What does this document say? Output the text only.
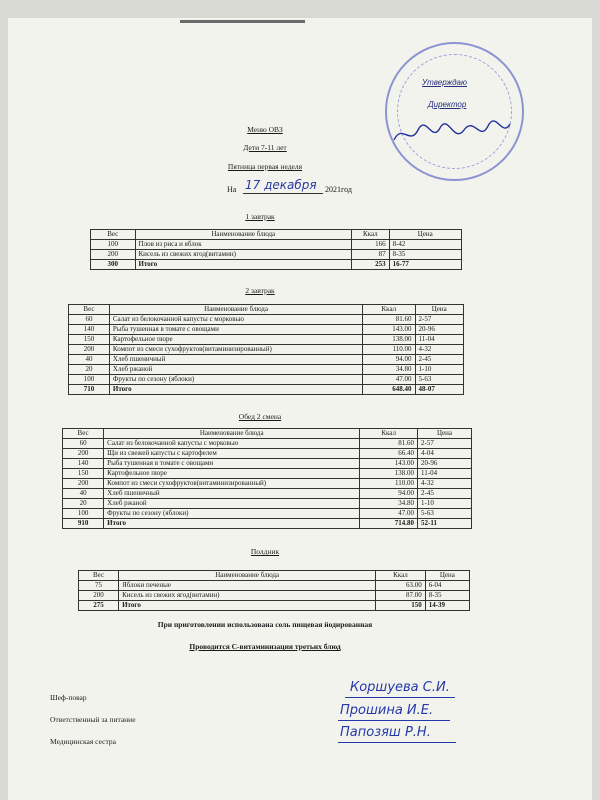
Утверждаю
Директор
Меню ОВЗ
Дети 7-11 лет
Пятница первая неделя
На 17 декабря 2021год
1 завтрак
Вес	Наименование блюда	Ккал	Цена
100	Плов из риса и яблок	166	8-42
200	Кисель из свежих ягод(витамин)	87	8-35
300	Итого	253	16-77
2 завтрак
Вес	Наименование блюда	Ккал	Цена
60	Салат из белокочанной капусты с морковью	81.60	2-57
140	Рыба тушенная в томате с овощами	143.00	20-96
150	Картофельное пюре	138.00	11-04
200	Компот из смеси сухофруктов(витаминизированный)	110.00	4-32
40	Хлеб пшеничный	94.00	2-45
20	Хлеб ржаной	34.80	1-10
100	Фрукты по сезону (яблоки)	47.00	5-63
710	Итого	648.40	48-07
Обед 2 смена
Вес	Наименование блюда	Ккал	Цена
60	Салат из белокочанной капусты с морковью	81.60	2-57
200	Щи из свежей капусты с картофелем	66.40	4-04
140	Рыба тушенная в томате с овощами	143.00	20-96
150	Картофельное пюре	138.00	11-04
200	Компот из смеси сухофруктов(витаминизированный)	110.00	4-32
40	Хлеб пшеничный	94.00	2-45
20	Хлеб ржаной	34.80	1-10
100	Фрукты по сезону (яблоки)	47.00	5-63
910	Итого	714.80	52-11
Полдник
Вес	Наименование блюда	Ккал	Цена
75	Яблоки печеные	63.00	6-04
200	Кисель из свежих ягод(витамин)	87.00	8-35
275	Итого	150	14-39
При приготовлении использована соль пищевая йодированная
Проводится С-витаминизация третьих блюд
Шеф-повар
Коршуева С.И.
Ответственный за питание
Прошина И.Е.
Медицинская сестра
Папозяш Р.Н.
